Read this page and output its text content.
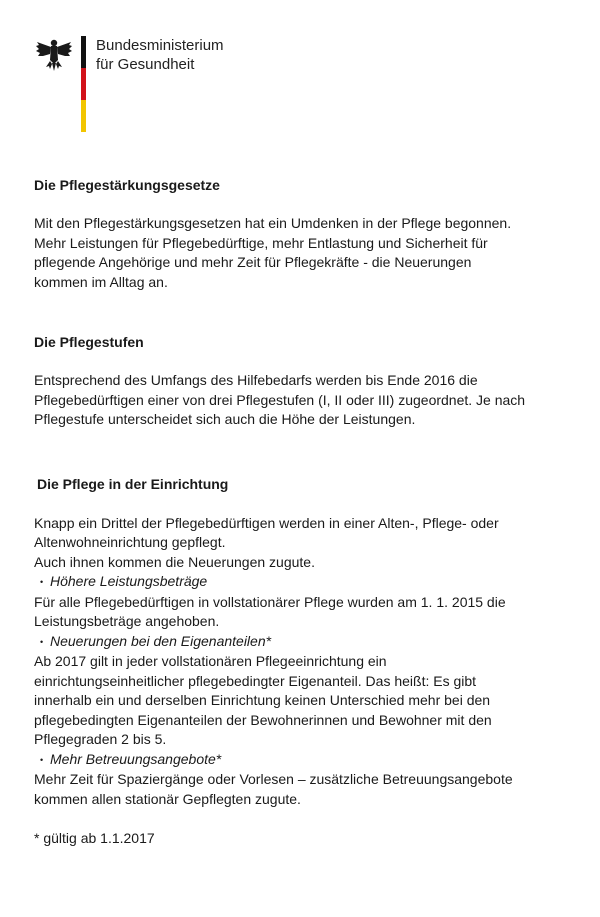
Bundesministerium
für Gesundheit
Die Pflegestärkungsgesetze

Mit den Pflegestärkungsgesetzen hat ein Umdenken in der Pflege begonnen.

Mehr Leistungen für Pflegebedürftige, mehr Entlastung und Sicherheit für

pflegende Angehörige und mehr Zeit für Pflegekräfte - die Neuerungen

kommen im Alltag an.

Die Pflegestufen

Entsprechend des Umfangs des Hilfebedarfs werden bis Ende 2016 die

Pflegebedürftigen einer von drei Pflegestufen (I, II oder III) zugeordnet. Je nach

Pflegestufe unterscheidet sich auch die Höhe der Leistungen.

Die Pflege in der Einrichtung

Knapp ein Drittel der Pflegebedürftigen werden in einer Alten-, Pflege- oder

Altenwohneinrichtung gepflegt.

Auch ihnen kommen die Neuerungen zugute.

• Höhere Leistungsbeträge

Für alle Pflegebedürftigen in vollstationärer Pflege wurden am 1. 1. 2015 die

Leistungsbeträge angehoben.

• Neuerungen bei den Eigenanteilen*

Ab 2017 gilt in jeder vollstationären Pflegeeinrichtung ein

einrichtungseinheitlicher pflegebedingter Eigenanteil. Das heißt: Es gibt

innerhalb ein und derselben Einrichtung keinen Unterschied mehr bei den

pflegebedingten Eigenanteilen der Bewohnerinnen und Bewohner mit den

Pflegegraden 2 bis 5.

• Mehr Betreuungsangebote*

Mehr Zeit für Spaziergänge oder Vorlesen – zusätzliche Betreuungsangebote

kommen allen stationär Gepflegten zugute.

* gültig ab 1.1.2017
